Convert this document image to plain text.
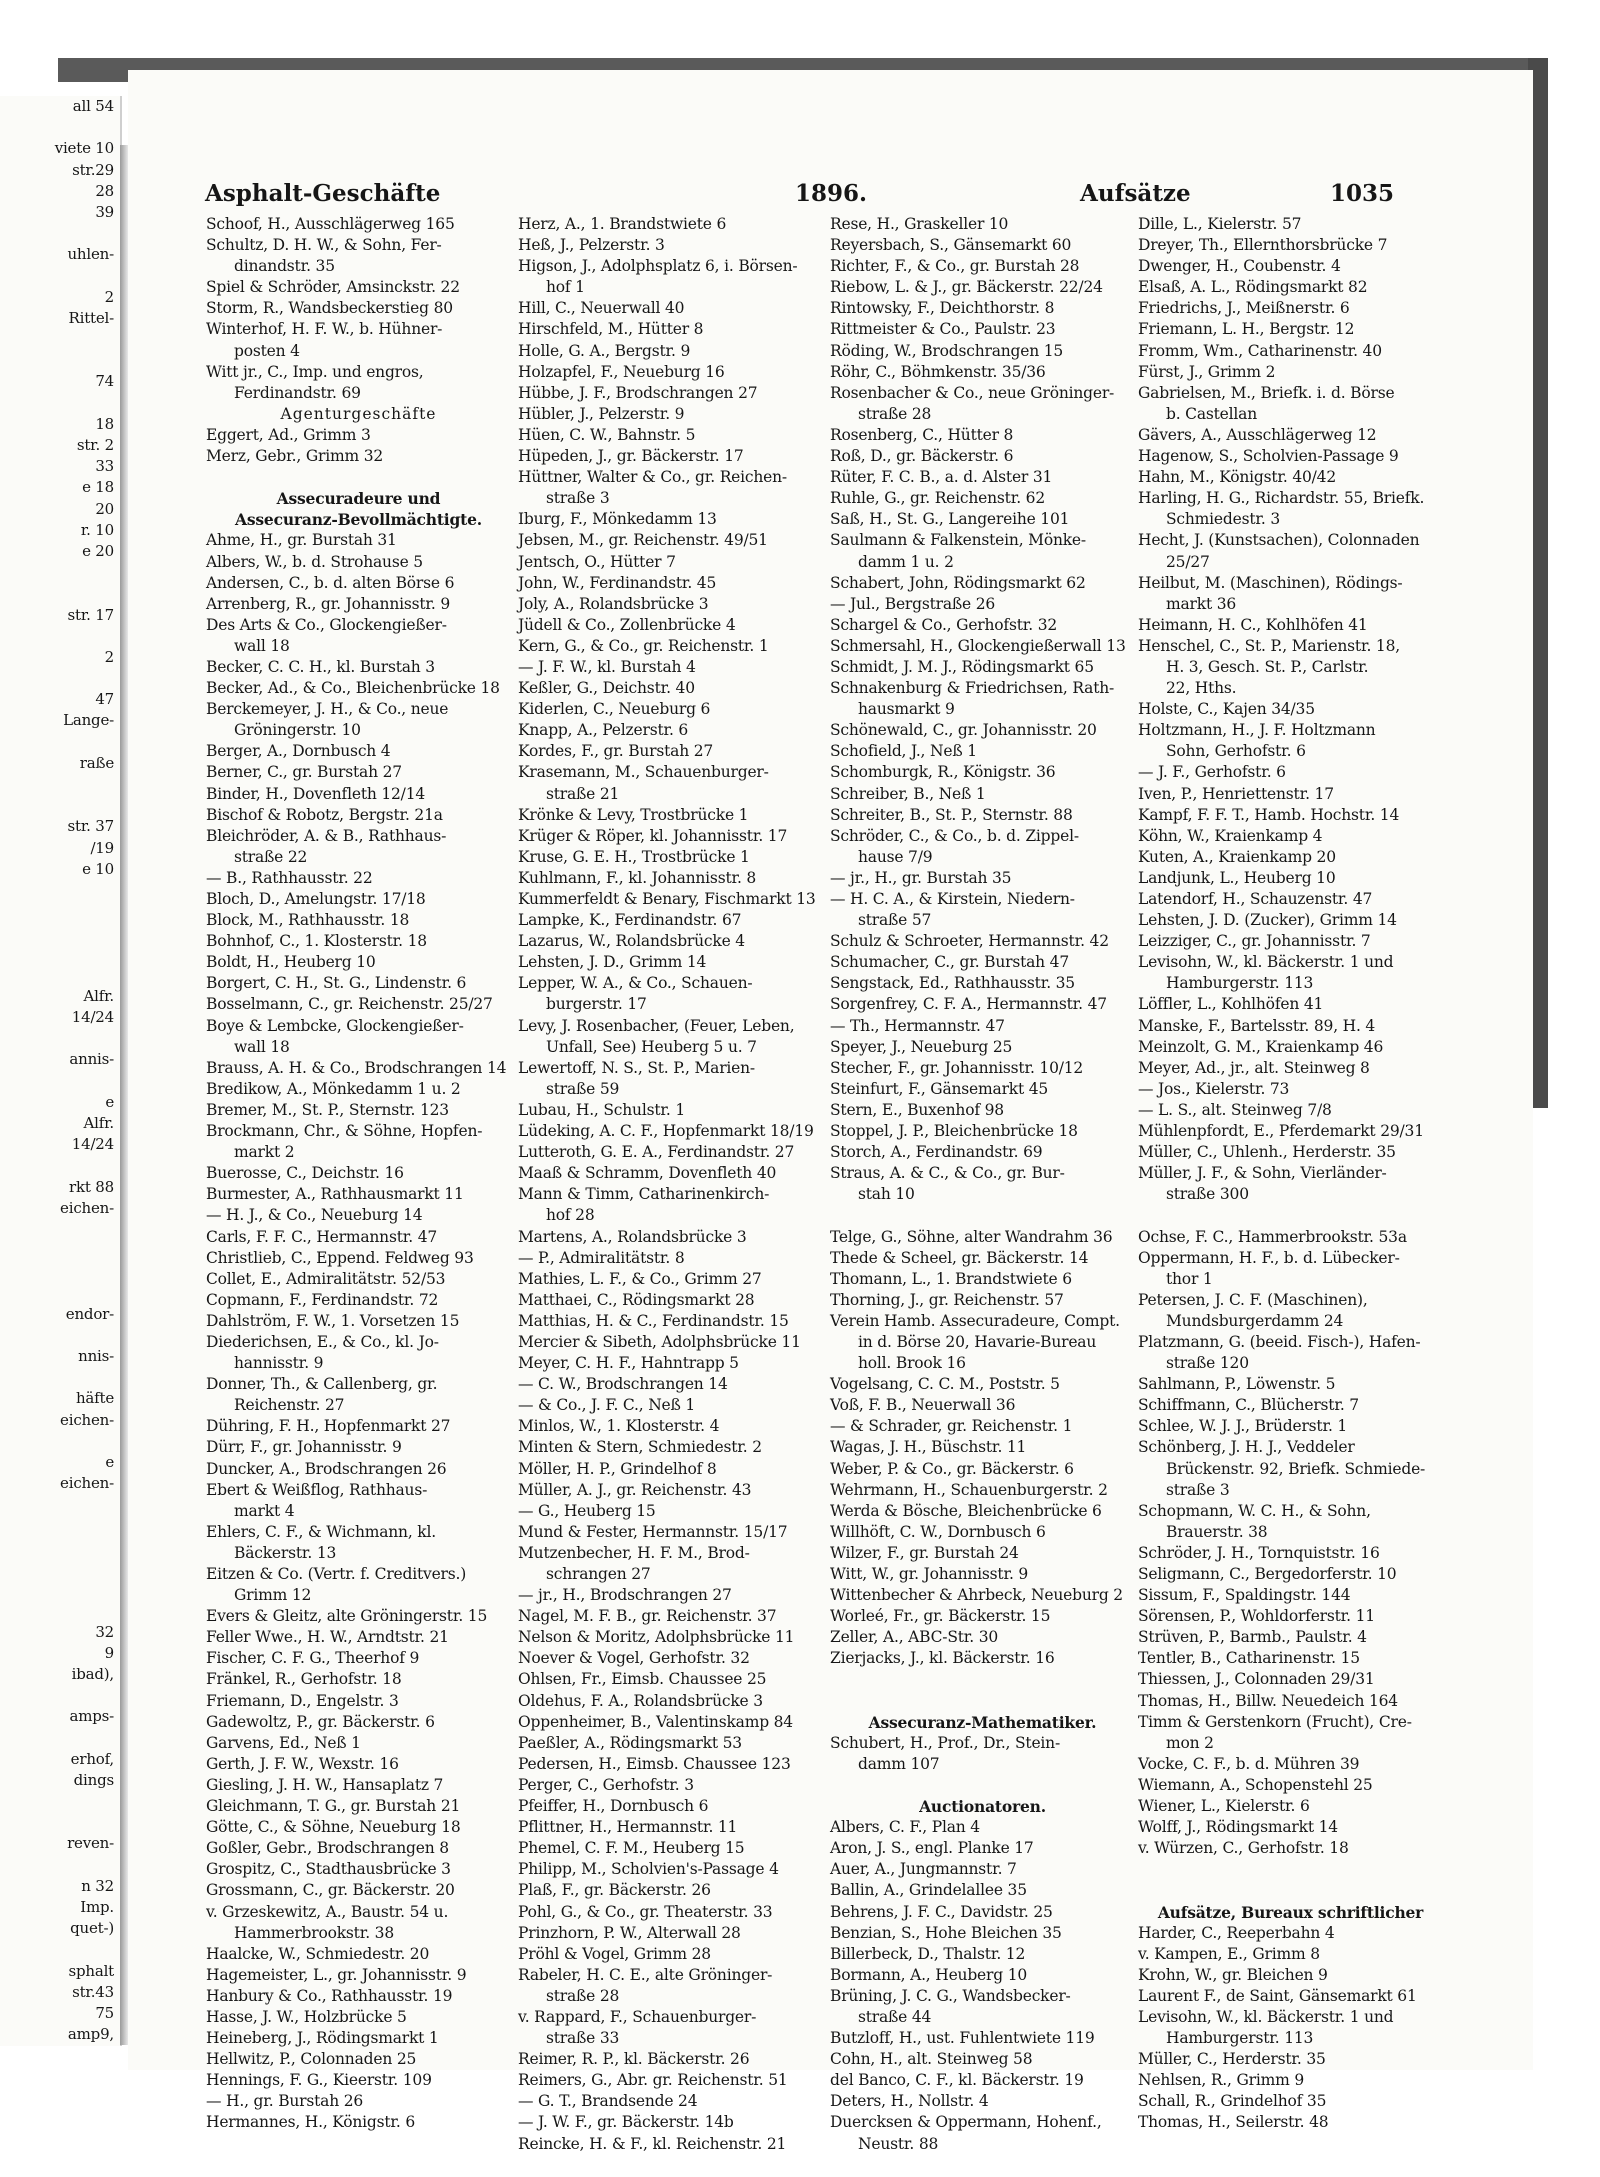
all 54
viete 10
str.29
28
39
uhlen-
2
Rittel-
74
18
str. 2
33
e 18
20
r. 10
e 20
str. 17
2
47
Lange-
raße
str. 37
/19
e 10
Alfr.
14/24
annis-
e
Alfr.
14/24
rkt 88
eichen-
endor-
nnis-
häfte
eichen-
e
eichen-
32
9
ibad),
amps-
erhof,
dings
reven-
n 32
Imp.
quet-)
sphalt
str.43
75
amp9,
Asphalt-Geschäfte	1896.	Aufsätze	1035
Schoof, H., Ausschlägerweg 165
Schultz, D. H. W., & Sohn, Fer-
dinandstr. 35
Spiel & Schröder, Amsinckstr. 22
Storm, R., Wandsbeckerstieg 80
Winterhof, H. F. W., b. Hühner-
posten 4
Witt jr., C., Imp. und engros,
Ferdinandstr. 69
Agenturgeschäfte
Eggert, Ad., Grimm 3
Merz, Gebr., Grimm 32
Assecuradeure und
Assecuranz-Bevollmächtigte.
Ahme, H., gr. Burstah 31
Albers, W., b. d. Strohause 5
Andersen, C., b. d. alten Börse 6
Arrenberg, R., gr. Johannisstr. 9
Des Arts & Co., Glockengießer-
wall 18
Becker, C. C. H., kl. Burstah 3
Becker, Ad., & Co., Bleichenbrücke 18
Berckemeyer, J. H., & Co., neue
Gröningerstr. 10
Berger, A., Dornbusch 4
Berner, C., gr. Burstah 27
Binder, H., Dovenfleth 12/14
Bischof & Robotz, Bergstr. 21a
Bleichröder, A. & B., Rathhaus-
straße 22
— B., Rathhausstr. 22
Bloch, D., Amelungstr. 17/18
Block, M., Rathhausstr. 18
Bohnhof, C., 1. Klosterstr. 18
Boldt, H., Heuberg 10
Borgert, C. H., St. G., Lindenstr. 6
Bosselmann, C., gr. Reichenstr. 25/27
Boye & Lembcke, Glockengießer-
wall 18
Brauss, A. H. & Co., Brodschrangen 14
Bredikow, A., Mönkedamm 1 u. 2
Bremer, M., St. P., Sternstr. 123
Brockmann, Chr., & Söhne, Hopfen-
markt 2
Buerosse, C., Deichstr. 16
Burmester, A., Rathhausmarkt 11
— H. J., & Co., Neueburg 14
Carls, F. F. C., Hermannstr. 47
Christlieb, C., Eppend. Feldweg 93
Collet, E., Admiralitätstr. 52/53
Copmann, F., Ferdinandstr. 72
Dahlström, F. W., 1. Vorsetzen 15
Diederichsen, E., & Co., kl. Jo-
hannisstr. 9
Donner, Th., & Callenberg, gr.
Reichenstr. 27
Dühring, F. H., Hopfenmarkt 27
Dürr, F., gr. Johannisstr. 9
Duncker, A., Brodschrangen 26
Ebert & Weißflog, Rathhaus-
markt 4
Ehlers, C. F., & Wichmann, kl.
Bäckerstr. 13
Eitzen & Co. (Vertr. f. Creditvers.)
Grimm 12
Evers & Gleitz, alte Gröningerstr. 15
Feller Wwe., H. W., Arndtstr. 21
Fischer, C. F. G., Theerhof 9
Fränkel, R., Gerhofstr. 18
Friemann, D., Engelstr. 3
Gadewoltz, P., gr. Bäckerstr. 6
Garvens, Ed., Neß 1
Gerth, J. F. W., Wexstr. 16
Giesling, J. H. W., Hansaplatz 7
Gleichmann, T. G., gr. Burstah 21
Götte, C., & Söhne, Neueburg 18
Goßler, Gebr., Brodschrangen 8
Grospitz, C., Stadthausbrücke 3
Grossmann, C., gr. Bäckerstr. 20
v. Grzeskewitz, A., Baustr. 54 u.
Hammerbrookstr. 38
Haalcke, W., Schmiedestr. 20
Hagemeister, L., gr. Johannisstr. 9
Hanbury & Co., Rathhausstr. 19
Hasse, J. W., Holzbrücke 5
Heineberg, J., Rödingsmarkt 1
Hellwitz, P., Colonnaden 25
Hennings, F. G., Kieerstr. 109
— H., gr. Burstah 26
Hermannes, H., Königstr. 6
Herz, A., 1. Brandstwiete 6
Heß, J., Pelzerstr. 3
Higson, J., Adolphsplatz 6, i. Börsen-
hof 1
Hill, C., Neuerwall 40
Hirschfeld, M., Hütter 8
Holle, G. A., Bergstr. 9
Holzapfel, F., Neueburg 16
Hübbe, J. F., Brodschrangen 27
Hübler, J., Pelzerstr. 9
Hüen, C. W., Bahnstr. 5
Hüpeden, J., gr. Bäckerstr. 17
Hüttner, Walter & Co., gr. Reichen-
straße 3
Iburg, F., Mönkedamm 13
Jebsen, M., gr. Reichenstr. 49/51
Jentsch, O., Hütter 7
John, W., Ferdinandstr. 45
Joly, A., Rolandsbrücke 3
Jüdell & Co., Zollenbrücke 4
Kern, G., & Co., gr. Reichenstr. 1
— J. F. W., kl. Burstah 4
Keßler, G., Deichstr. 40
Kiderlen, C., Neueburg 6
Knapp, A., Pelzerstr. 6
Kordes, F., gr. Burstah 27
Krasemann, M., Schauenburger-
straße 21
Krönke & Levy, Trostbrücke 1
Krüger & Röper, kl. Johannisstr. 17
Kruse, G. E. H., Trostbrücke 1
Kuhlmann, F., kl. Johannisstr. 8
Kummerfeldt & Benary, Fischmarkt 13
Lampke, K., Ferdinandstr. 67
Lazarus, W., Rolandsbrücke 4
Lehsten, J. D., Grimm 14
Lepper, W. A., & Co., Schauen-
burgerstr. 17
Levy, J. Rosenbacher, (Feuer, Leben,
Unfall, See) Heuberg 5 u. 7
Lewertoff, N. S., St. P., Marien-
straße 59
Lubau, H., Schulstr. 1
Lüdeking, A. C. F., Hopfenmarkt 18/19
Lutteroth, G. E. A., Ferdinandstr. 27
Maaß & Schramm, Dovenfleth 40
Mann & Timm, Catharinenkirch-
hof 28
Martens, A., Rolandsbrücke 3
— P., Admiralitätstr. 8
Mathies, L. F., & Co., Grimm 27
Matthaei, C., Rödingsmarkt 28
Matthias, H. & C., Ferdinandstr. 15
Mercier & Sibeth, Adolphsbrücke 11
Meyer, C. H. F., Hahntrapp 5
— C. W., Brodschrangen 14
— & Co., J. F. C., Neß 1
Minlos, W., 1. Klosterstr. 4
Minten & Stern, Schmiedestr. 2
Möller, H. P., Grindelhof 8
Müller, A. J., gr. Reichenstr. 43
— G., Heuberg 15
Mund & Fester, Hermannstr. 15/17
Mutzenbecher, H. F. M., Brod-
schrangen 27
— jr., H., Brodschrangen 27
Nagel, M. F. B., gr. Reichenstr. 37
Nelson & Moritz, Adolphsbrücke 11
Noever & Vogel, Gerhofstr. 32
Ohlsen, Fr., Eimsb. Chaussee 25
Oldehus, F. A., Rolandsbrücke 3
Oppenheimer, B., Valentinskamp 84
Paeßler, A., Rödingsmarkt 53
Pedersen, H., Eimsb. Chaussee 123
Perger, C., Gerhofstr. 3
Pfeiffer, H., Dornbusch 6
Pflittner, H., Hermannstr. 11
Phemel, C. F. M., Heuberg 15
Philipp, M., Scholvien's-Passage 4
Plaß, F., gr. Bäckerstr. 26
Pohl, G., & Co., gr. Theaterstr. 33
Prinzhorn, P. W., Alterwall 28
Pröhl & Vogel, Grimm 28
Rabeler, H. C. E., alte Gröninger-
straße 28
v. Rappard, F., Schauenburger-
straße 33
Reimer, R. P., kl. Bäckerstr. 26
Reimers, G., Abr. gr. Reichenstr. 51
— G. T., Brandsende 24
— J. W. F., gr. Bäckerstr. 14b
Reincke, H. & F., kl. Reichenstr. 21
Rese, H., Graskeller 10
Reyersbach, S., Gänsemarkt 60
Richter, F., & Co., gr. Burstah 28
Riebow, L. & J., gr. Bäckerstr. 22/24
Rintowsky, F., Deichthorstr. 8
Rittmeister & Co., Paulstr. 23
Röding, W., Brodschrangen 15
Röhr, C., Böhmkenstr. 35/36
Rosenbacher & Co., neue Gröninger-
straße 28
Rosenberg, C., Hütter 8
Roß, D., gr. Bäckerstr. 6
Rüter, F. C. B., a. d. Alster 31
Ruhle, G., gr. Reichenstr. 62
Saß, H., St. G., Langereihe 101
Saulmann & Falkenstein, Mönke-
damm 1 u. 2
Schabert, John, Rödingsmarkt 62
— Jul., Bergstraße 26
Schargel & Co., Gerhofstr. 32
Schmersahl, H., Glockengießerwall 13
Schmidt, J. M. J., Rödingsmarkt 65
Schnakenburg & Friedrichsen, Rath-
hausmarkt 9
Schönewald, C., gr. Johannisstr. 20
Schofield, J., Neß 1
Schomburgk, R., Königstr. 36
Schreiber, B., Neß 1
Schreiter, B., St. P., Sternstr. 88
Schröder, C., & Co., b. d. Zippel-
hause 7/9
— jr., H., gr. Burstah 35
— H. C. A., & Kirstein, Niedern-
straße 57
Schulz & Schroeter, Hermannstr. 42
Schumacher, C., gr. Burstah 47
Sengstack, Ed., Rathhausstr. 35
Sorgenfrey, C. F. A., Hermannstr. 47
— Th., Hermannstr. 47
Speyer, J., Neueburg 25
Stecher, F., gr. Johannisstr. 10/12
Steinfurt, F., Gänsemarkt 45
Stern, E., Buxenhof 98
Stoppel, J. P., Bleichenbrücke 18
Storch, A., Ferdinandstr. 69
Straus, A. & C., & Co., gr. Bur-
stah 10
Telge, G., Söhne, alter Wandrahm 36
Thede & Scheel, gr. Bäckerstr. 14
Thomann, L., 1. Brandstwiete 6
Thorning, J., gr. Reichenstr. 57
Verein Hamb. Assecuradeure, Compt.
in d. Börse 20, Havarie-Bureau
holl. Brook 16
Vogelsang, C. C. M., Poststr. 5
Voß, F. B., Neuerwall 36
— & Schrader, gr. Reichenstr. 1
Wagas, J. H., Büschstr. 11
Weber, P. & Co., gr. Bäckerstr. 6
Wehrmann, H., Schauenburgerstr. 2
Werda & Bösche, Bleichenbrücke 6
Willhöft, C. W., Dornbusch 6
Wilzer, F., gr. Burstah 24
Witt, W., gr. Johannisstr. 9
Wittenbecher & Ahrbeck, Neueburg 2
Worleé, Fr., gr. Bäckerstr. 15
Zeller, A., ABC-Str. 30
Zierjacks, J., kl. Bäckerstr. 16
Assecuranz-Mathematiker.
Schubert, H., Prof., Dr., Stein-
damm 107
Auctionatoren.
Albers, C. F., Plan 4
Aron, J. S., engl. Planke 17
Auer, A., Jungmannstr. 7
Ballin, A., Grindelallee 35
Behrens, J. F. C., Davidstr. 25
Benzian, S., Hohe Bleichen 35
Billerbeck, D., Thalstr. 12
Bormann, A., Heuberg 10
Brüning, J. C. G., Wandsbecker-
straße 44
Butzloff, H., ust. Fuhlentwiete 119
Cohn, H., alt. Steinweg 58
del Banco, C. F., kl. Bäckerstr. 19
Deters, H., Nollstr. 4
Duercksen & Oppermann, Hohenf.,
Neustr. 88
Dille, L., Kielerstr. 57
Dreyer, Th., Ellernthorsbrücke 7
Dwenger, H., Coubenstr. 4
Elsaß, A. L., Rödingsmarkt 82
Friedrichs, J., Meißnerstr. 6
Friemann, L. H., Bergstr. 12
Fromm, Wm., Catharinenstr. 40
Fürst, J., Grimm 2
Gabrielsen, M., Briefk. i. d. Börse
b. Castellan
Gävers, A., Ausschlägerweg 12
Hagenow, S., Scholvien-Passage 9
Hahn, M., Königstr. 40/42
Harling, H. G., Richardstr. 55, Briefk.
Schmiedestr. 3
Hecht, J. (Kunstsachen), Colonnaden
25/27
Heilbut, M. (Maschinen), Rödings-
markt 36
Heimann, H. C., Kohlhöfen 41
Henschel, C., St. P., Marienstr. 18,
H. 3, Gesch. St. P., Carlstr.
22, Hths.
Holste, C., Kajen 34/35
Holtzmann, H., J. F. Holtzmann
Sohn, Gerhofstr. 6
— J. F., Gerhofstr. 6
Iven, P., Henriettenstr. 17
Kampf, F. F. T., Hamb. Hochstr. 14
Köhn, W., Kraienkamp 4
Kuten, A., Kraienkamp 20
Landjunk, L., Heuberg 10
Latendorf, H., Schauzenstr. 47
Lehsten, J. D. (Zucker), Grimm 14
Leizziger, C., gr. Johannisstr. 7
Levisohn, W., kl. Bäckerstr. 1 und
Hamburgerstr. 113
Löffler, L., Kohlhöfen 41
Manske, F., Bartelsstr. 89, H. 4
Meinzolt, G. M., Kraienkamp 46
Meyer, Ad., jr., alt. Steinweg 8
— Jos., Kielerstr. 73
— L. S., alt. Steinweg 7/8
Mühlenpfordt, E., Pferdemarkt 29/31
Müller, C., Uhlenh., Herderstr. 35
Müller, J. F., & Sohn, Vierländer-
straße 300
Ochse, F. C., Hammerbrookstr. 53a
Oppermann, H. F., b. d. Lübecker-
thor 1
Petersen, J. C. F. (Maschinen),
Mundsburgerdamm 24
Platzmann, G. (beeid. Fisch-), Hafen-
straße 120
Sahlmann, P., Löwenstr. 5
Schiffmann, C., Blücherstr. 7
Schlee, W. J. J., Brüderstr. 1
Schönberg, J. H. J., Veddeler
Brückenstr. 92, Briefk. Schmiede-
straße 3
Schopmann, W. C. H., & Sohn,
Brauerstr. 38
Schröder, J. H., Tornquiststr. 16
Seligmann, C., Bergedorferstr. 10
Sissum, F., Spaldingstr. 144
Sörensen, P., Wohldorferstr. 11
Strüven, P., Barmb., Paulstr. 4
Tentler, B., Catharinenstr. 15
Thiessen, J., Colonnaden 29/31
Thomas, H., Billw. Neuedeich 164
Timm & Gerstenkorn (Frucht), Cre-
mon 2
Vocke, C. F., b. d. Mühren 39
Wiemann, A., Schopenstehl 25
Wiener, L., Kielerstr. 6
Wolff, J., Rödingsmarkt 14
v. Würzen, C., Gerhofstr. 18
Aufsätze, Bureaux schriftlicher
Harder, C., Reeperbahn 4
v. Kampen, E., Grimm 8
Krohn, W., gr. Bleichen 9
Laurent F., de Saint, Gänsemarkt 61
Levisohn, W., kl. Bäckerstr. 1 und
Hamburgerstr. 113
Müller, C., Herderstr. 35
Nehlsen, R., Grimm 9
Schall, R., Grindelhof 35
Thomas, H., Seilerstr. 48
